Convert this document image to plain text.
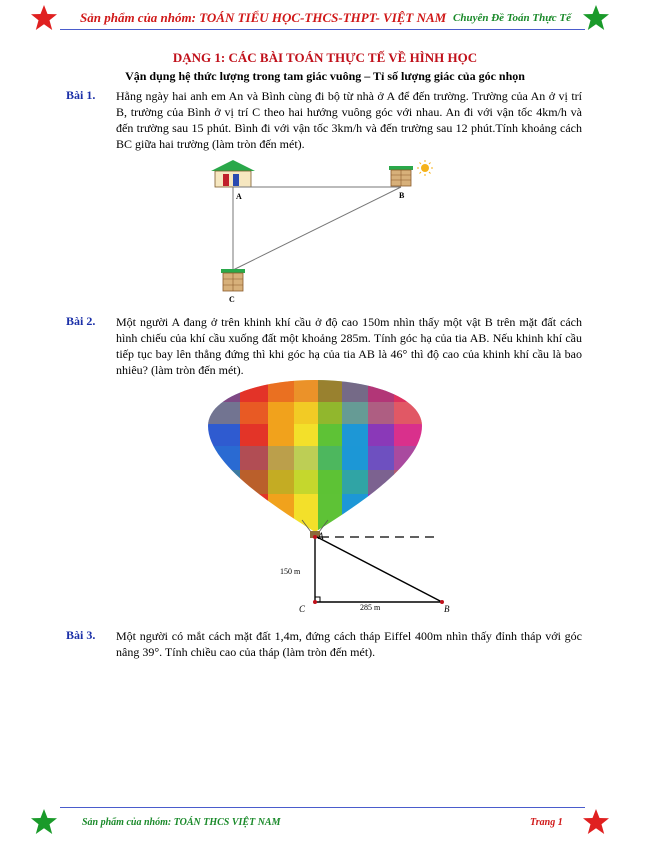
Sản phẩm của nhóm: TOÁN TIỂU HỌC-THCS-THPT- VIỆT NAM Chuyên Đề Toán Thực Tế
DẠNG 1: CÁC BÀI TOÁN THỰC TẾ VỀ HÌNH HỌC
Vận dụng hệ thức lượng trong tam giác vuông – Tỉ số lượng giác của góc nhọn
Bài 1. Hằng ngày hai anh em An và Bình cùng đi bộ từ nhà ở A để đến trường. Trường của An ở vị trí B, trường của Bình ở vị trí C theo hai hướng vuông góc với nhau. An đi với vận tốc 4km/h và đến trường sau 15 phút. Bình đi với vận tốc 3km/h và đến trường sau 12 phút.Tính khoảng cách BC giữa hai trường (làm tròn đến mét).
A	B
C
Bài 2. Một người A đang ở trên khinh khí cầu ở độ cao 150m nhìn thấy một vật B trên mặt đất cách hình chiếu của khí cầu xuống đất một khoảng 285m. Tính góc hạ của tia AB. Nếu khinh khí cầu tiếp tục bay lên thẳng đứng thì khi góc hạ của tia AB là 46° thì độ cao của khinh khí cầu là bao nhiêu? (làm tròn đến mét).
A
C	B
150 m
285 m
Bài 3. Một người có mắt cách mặt đất 1,4m, đứng cách tháp Eiffel 400m nhìn thấy đỉnh tháp với góc nâng 39°. Tính chiều cao của tháp (làm tròn đến mét).
Sản phẩm của nhóm: TOÁN THCS VIỆT NAM	Trang 1
